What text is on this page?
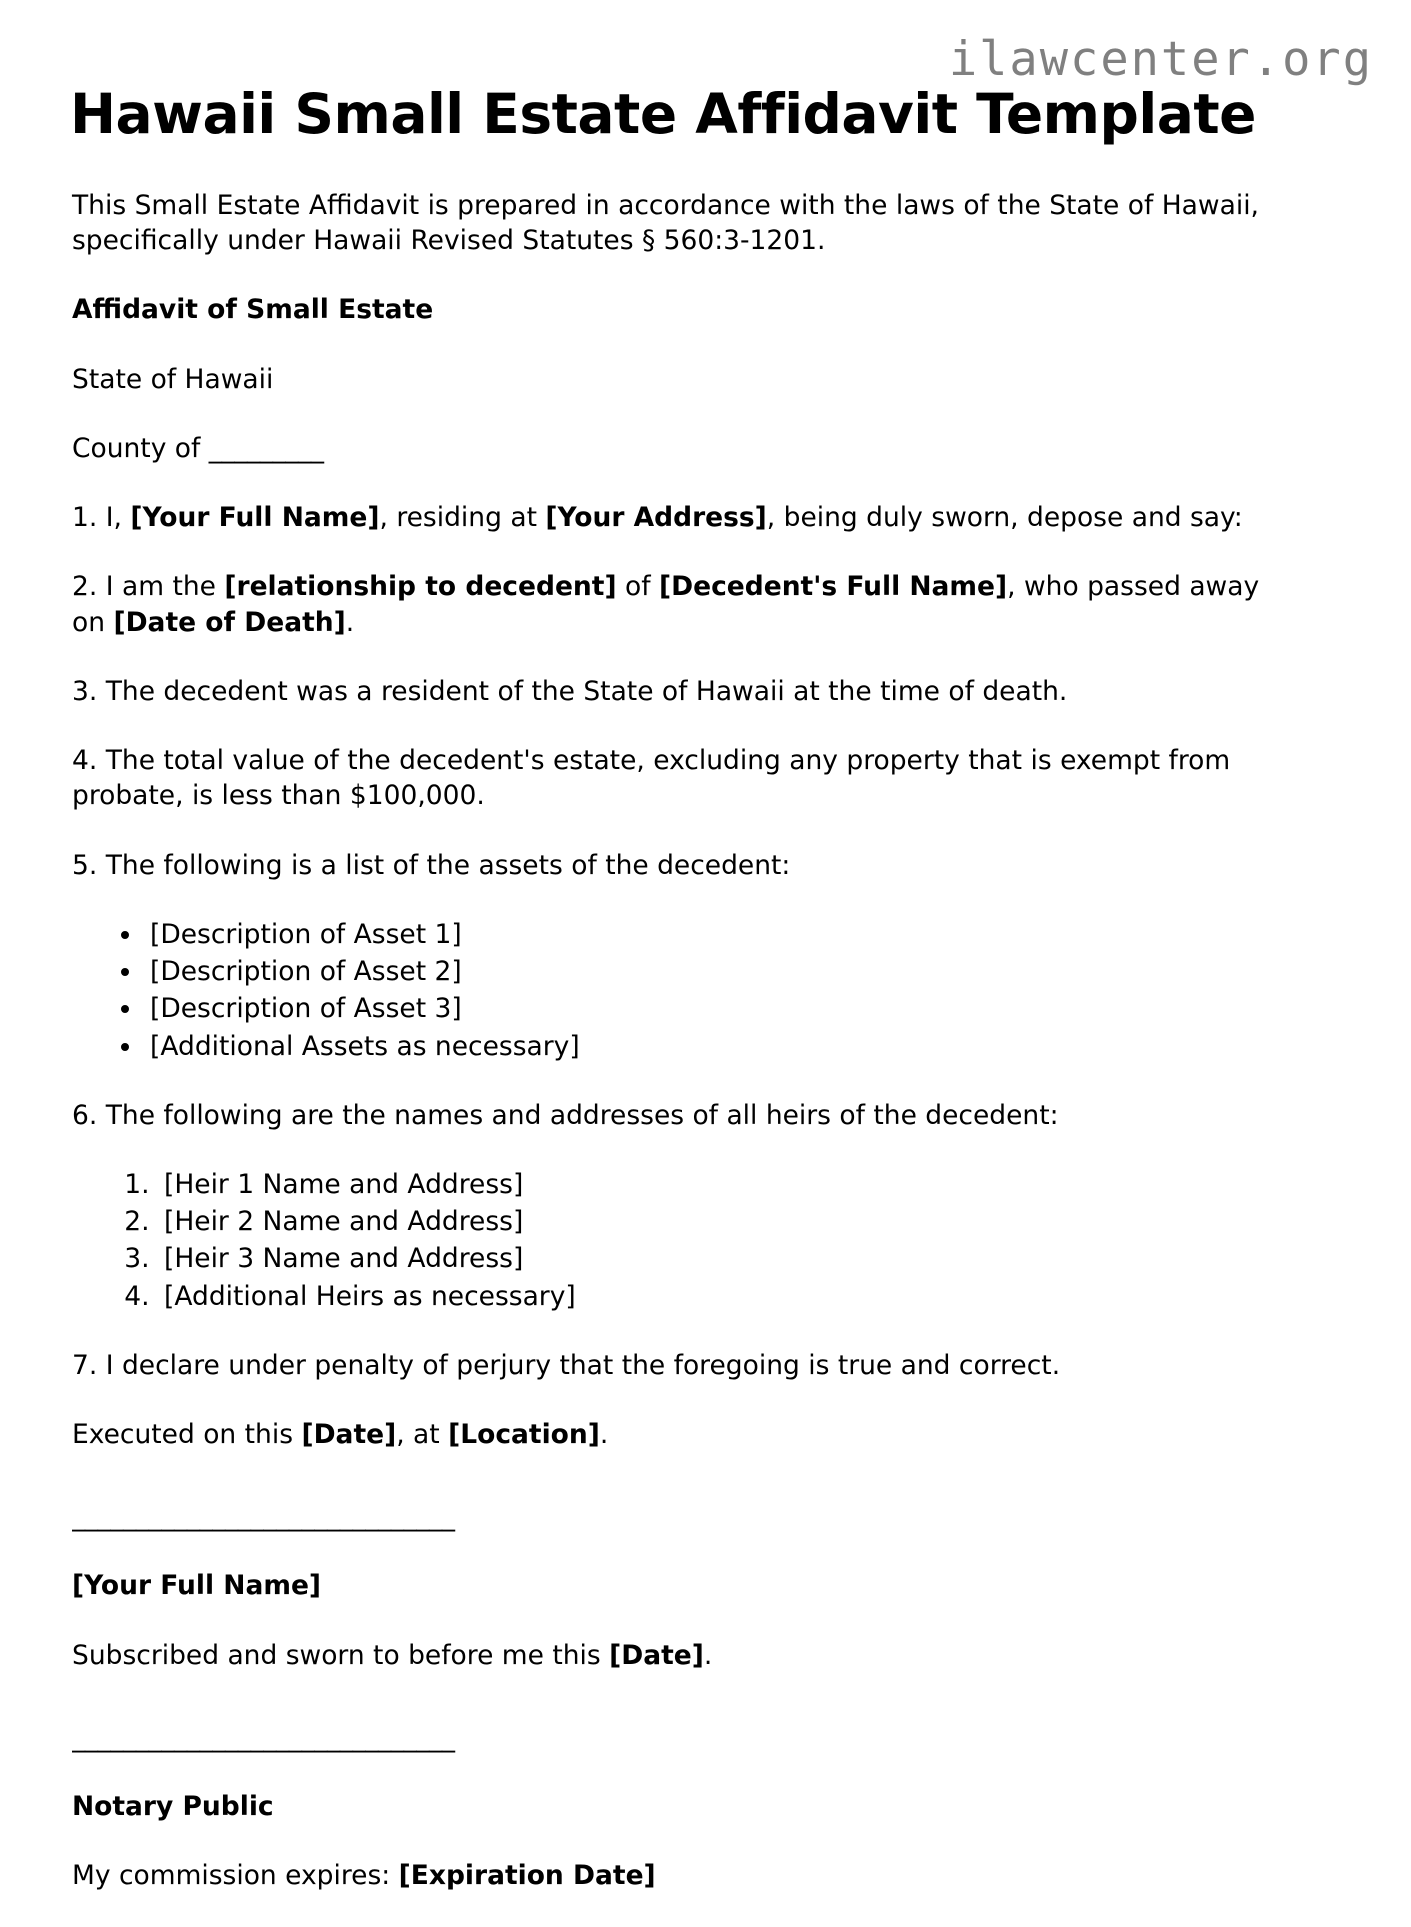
ilawcenter.org
Hawaii Small Estate Affidavit Template

This Small Estate Affidavit is prepared in accordance with the laws of the State of Hawaii, specifically under Hawaii Revised Statutes § 560:3-1201.

Affidavit of Small Estate

State of Hawaii

County of _________

1. I, [Your Full Name], residing at [Your Address], being duly sworn, depose and say:

2. I am the [relationship to decedent] of [Decedent's Full Name], who passed away on [Date of Death].

3. The decedent was a resident of the State of Hawaii at the time of death.

4. The total value of the decedent's estate, excluding any property that is exempt from probate, is less than $100,000.

5. The following is a list of the assets of the decedent:

• [Description of Asset 1]
• [Description of Asset 2]
• [Description of Asset 3]
• [Additional Assets as necessary]

6. The following are the names and addresses of all heirs of the decedent:

1. [Heir 1 Name and Address]
2. [Heir 2 Name and Address]
3. [Heir 3 Name and Address]
4. [Additional Heirs as necessary]

7. I declare under penalty of perjury that the foregoing is true and correct.

Executed on this [Date], at [Location].

______________________________

[Your Full Name]

Subscribed and sworn to before me this [Date].

______________________________

Notary Public

My commission expires: [Expiration Date]
